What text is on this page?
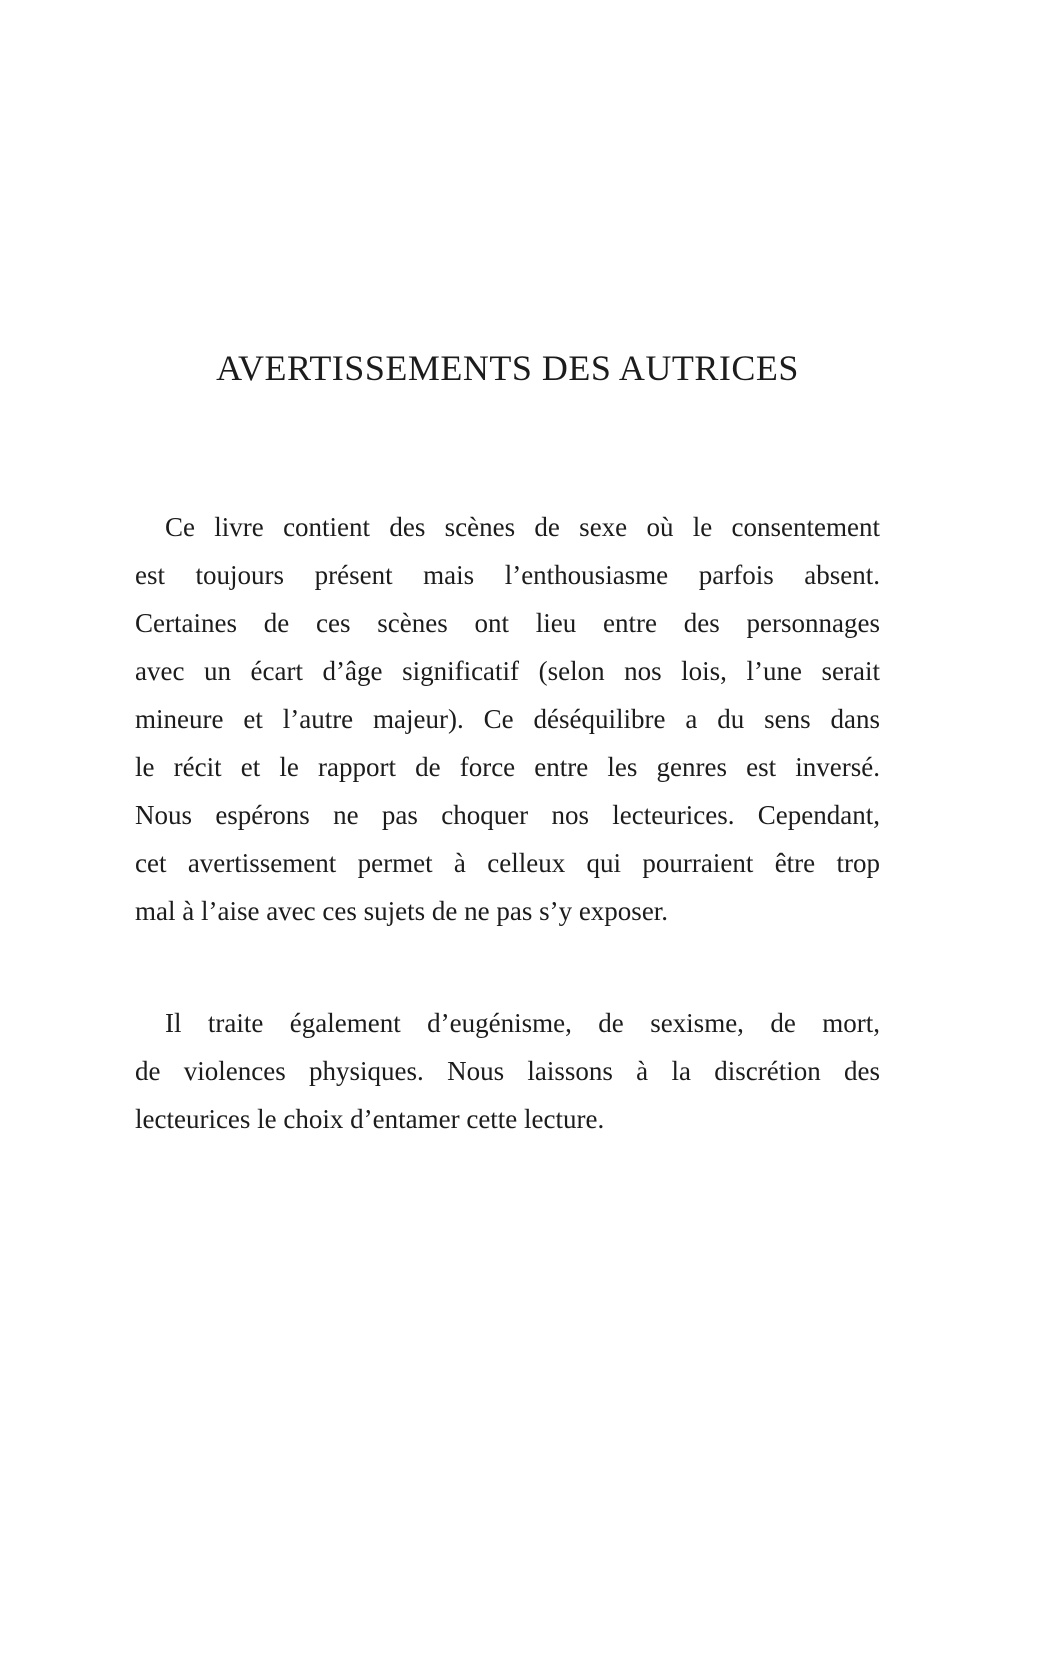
AVERTISSEMENTS DES AUTRICES
Ce livre contient des scènes de sexe où le consentement
est toujours présent mais l’enthousiasme parfois absent.
Certaines de ces scènes ont lieu entre des personnages
avec un écart d’âge significatif (selon nos lois, l’une serait
mineure et l’autre majeur). Ce déséquilibre a du sens dans
le récit et le rapport de force entre les genres est inversé.
Nous espérons ne pas choquer nos lecteurices. Cependant,
cet avertissement permet à celleux qui pourraient être trop
mal à l’aise avec ces sujets de ne pas s’y exposer.
Il traite également d’eugénisme, de sexisme, de mort,
de violences physiques. Nous laissons à la discrétion des
lecteurices le choix d’entamer cette lecture.
